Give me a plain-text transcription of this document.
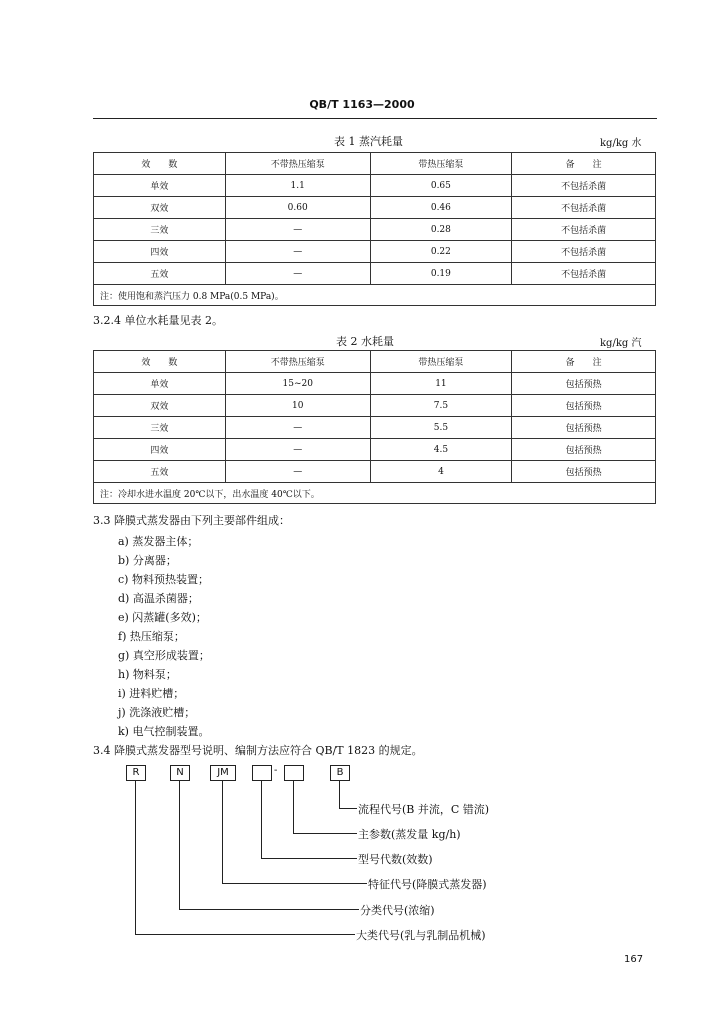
QB/T 1163—2000
表 1 蒸汽耗量	kg/kg 水
效　　数	不带热压缩泵	带热压缩泵	备　　注
单效	1.1	0.65	不包括杀菌
双效	0.60	0.46	不包括杀菌
三效	—	0.28	不包括杀菌
四效	—	0.22	不包括杀菌
五效	—	0.19	不包括杀菌
注：使用饱和蒸汽压力 0.8 MPa(0.5 MPa)。			
3.2.4 单位水耗量见表 2。
表 2 水耗量	kg/kg 汽
效　　数	不带热压缩泵	带热压缩泵	备　　注
单效	15~20	11	包括预热
双效	10	7.5	包括预热
三效	—	5.5	包括预热
四效	—	4.5	包括预热
五效	—	4	包括预热
注：冷却水进水温度 20℃以下，出水温度 40℃以下。			
3.3 降膜式蒸发器由下列主要部件组成：
a) 蒸发器主体；
b) 分离器；
c) 物料预热装置；
d) 高温杀菌器；
e) 闪蒸罐(多效)；
f) 热压缩泵；
g) 真空形成装置；
h) 物料泵；
i) 进料贮槽；
j) 洗涤液贮槽；
k) 电气控制装置。
3.4 降膜式蒸发器型号说明、编制方法应符合 QB/T 1823 的规定。
R	N	JM	-	B
流程代号(B 并流，C 错流)
主参数(蒸发量 kg/h)
型号代数(效数)
特征代号(降膜式蒸发器)
分类代号(浓缩)
大类代号(乳与乳制品机械)
167
